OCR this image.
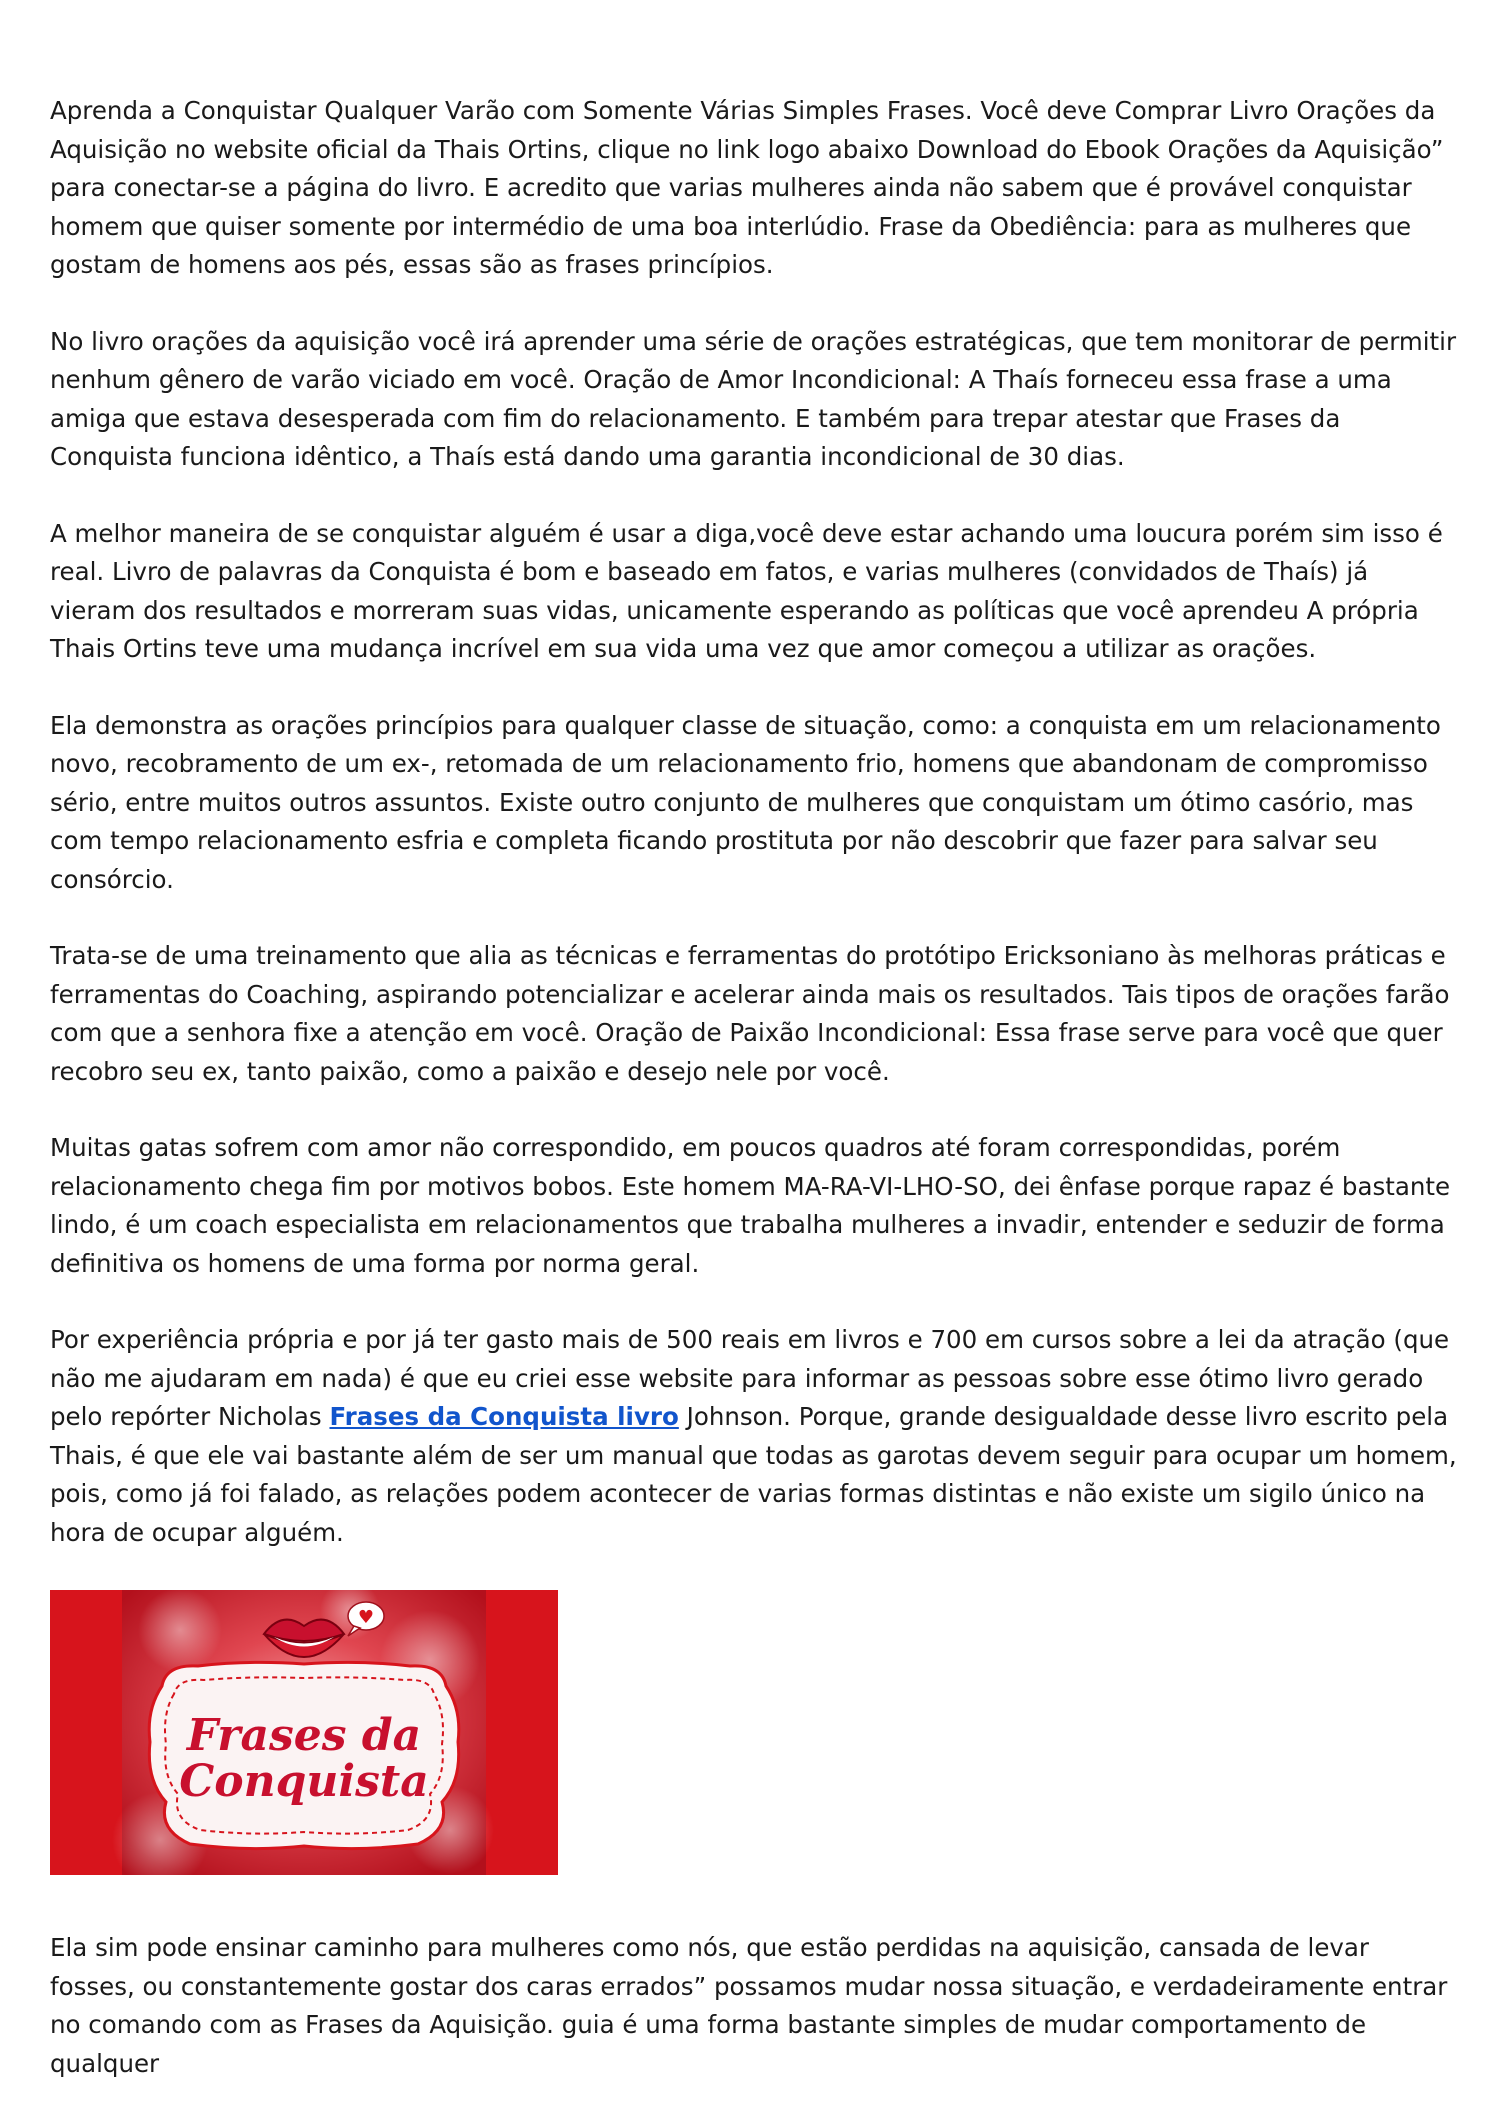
Aprenda a Conquistar Qualquer Varão com Somente Várias Simples Frases. Você deve Comprar Livro Orações da Aquisição no website oficial da Thais Ortins, clique no link logo abaixo Download do Ebook Orações da Aquisição” para conectar-se a página do livro. E acredito que varias mulheres ainda não sabem que é provável conquistar homem que quiser somente por intermédio de uma boa interlúdio. Frase da Obediência: para as mulheres que gostam de homens aos pés, essas são as frases princípios.

No livro orações da aquisição você irá aprender uma série de orações estratégicas, que tem monitorar de permitir nenhum gênero de varão viciado em você. Oração de Amor Incondicional: A Thaís forneceu essa frase a uma amiga que estava desesperada com fim do relacionamento. E também para trepar atestar que Frases da Conquista funciona idêntico, a Thaís está dando uma garantia incondicional de 30 dias.

A melhor maneira de se conquistar alguém é usar a diga,você deve estar achando uma loucura porém sim isso é real. Livro de palavras da Conquista é bom e baseado em fatos, e varias mulheres (convidados de Thaís) já vieram dos resultados e morreram suas vidas, unicamente esperando as políticas que você aprendeu A própria Thais Ortins teve uma mudança incrível em sua vida uma vez que amor começou a utilizar as orações.

Ela demonstra as orações princípios para qualquer classe de situação, como: a conquista em um relacionamento novo, recobramento de um ex-, retomada de um relacionamento frio, homens que abandonam de compromisso sério, entre muitos outros assuntos. Existe outro conjunto de mulheres que conquistam um ótimo casório, mas com tempo relacionamento esfria e completa ficando prostituta por não descobrir que fazer para salvar seu consórcio.

Trata-se de uma treinamento que alia as técnicas e ferramentas do protótipo Ericksoniano às melhoras práticas e ferramentas do Coaching, aspirando potencializar e acelerar ainda mais os resultados. Tais tipos de orações farão com que a senhora fixe a atenção em você. Oração de Paixão Incondicional: Essa frase serve para você que quer recobro seu ex, tanto paixão, como a paixão e desejo nele por você.

Muitas gatas sofrem com amor não correspondido, em poucos quadros até foram correspondidas, porém relacionamento chega fim por motivos bobos. Este homem MA-RA-VI-LHO-SO, dei ênfase porque rapaz é bastante lindo, é um coach especialista em relacionamentos que trabalha mulheres a invadir, entender e seduzir de forma definitiva os homens de uma forma por norma geral.

Por experiência própria e por já ter gasto mais de 500 reais em livros e 700 em cursos sobre a lei da atração (que não me ajudaram em nada) é que eu criei esse website para informar as pessoas sobre esse ótimo livro gerado pelo repórter Nicholas Frases da Conquista livro Johnson. Porque, grande desigualdade desse livro escrito pela Thais, é que ele vai bastante além de ser um manual que todas as garotas devem seguir para ocupar um homem, pois, como já foi falado, as relações podem acontecer de varias formas distintas e não existe um sigilo único na hora de ocupar alguém.

♥
Frases da
Conquista

Ela sim pode ensinar caminho para mulheres como nós, que estão perdidas na aquisição, cansada de levar fosses, ou constantemente gostar dos caras errados” possamos mudar nossa situação, e verdadeiramente entrar no comando com as Frases da Aquisição. guia é uma forma bastante simples de mudar comportamento de qualquer
